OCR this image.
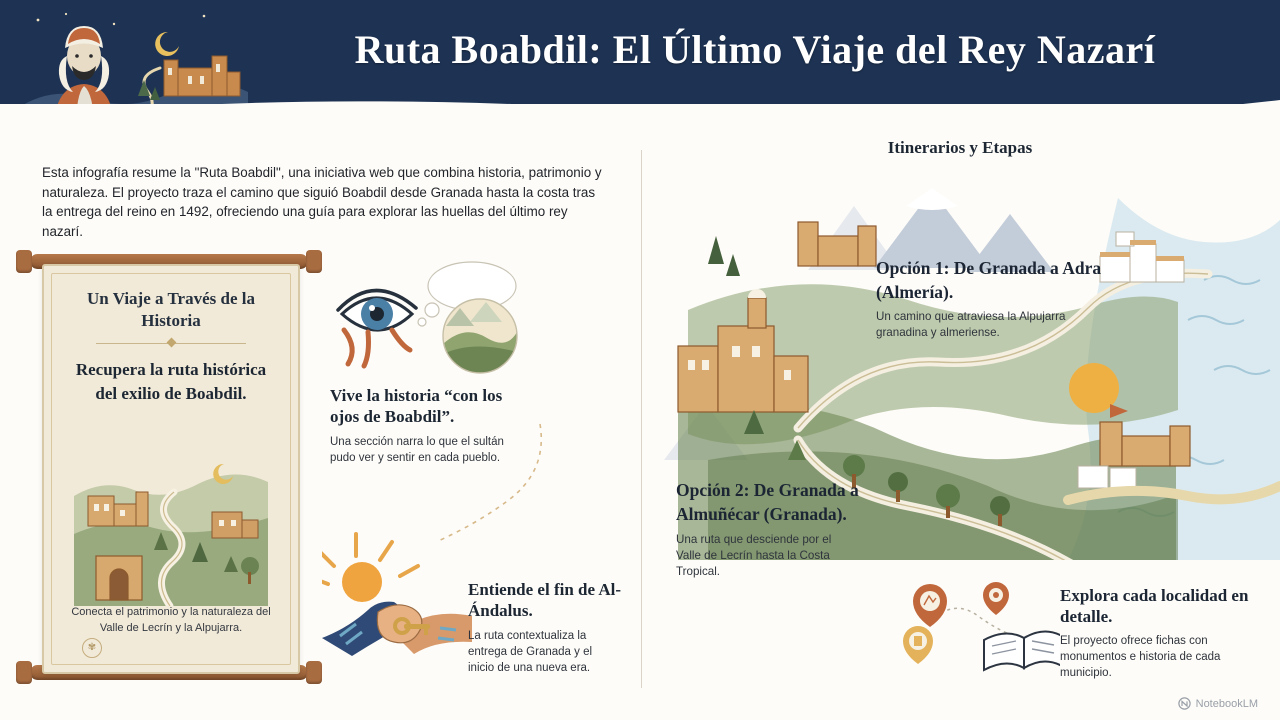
Ruta Boabdil: El Último Viaje del Rey Nazarí
Esta infografía resume la "Ruta Boabdil", una iniciativa web que combina historia, patrimonio y naturaleza. El proyecto traza el camino que siguió Boabdil desde Granada hasta la costa tras la entrega del reino en 1492, ofreciendo una guía para explorar las huellas del último rey nazarí.
Un Viaje a Través de la Historia
Recupera la ruta histórica del exilio de Boabdil.
Conecta el patrimonio y la naturaleza del Valle de Lecrín y la Alpujarra.
✾
Vive la historia “con los ojos de Boabdil”.
Una sección narra lo que el sultán pudo ver y sentir en cada pueblo.
Entiende el fin de Al-Ándalus.
La ruta contextualiza la entrega de Granada y el inicio de una nueva era.
Itinerarios y Etapas
Opción 1: De Granada a Adra (Almería).
Un camino que atraviesa la Alpujarra granadina y almeriense.
Opción 2: De Granada a Almuñécar (Granada).
Una ruta que desciende por el Valle de Lecrín hasta la Costa Tropical.
Explora cada localidad en detalle.
El proyecto ofrece fichas con monumentos e historia de cada municipio.
NotebookLM
